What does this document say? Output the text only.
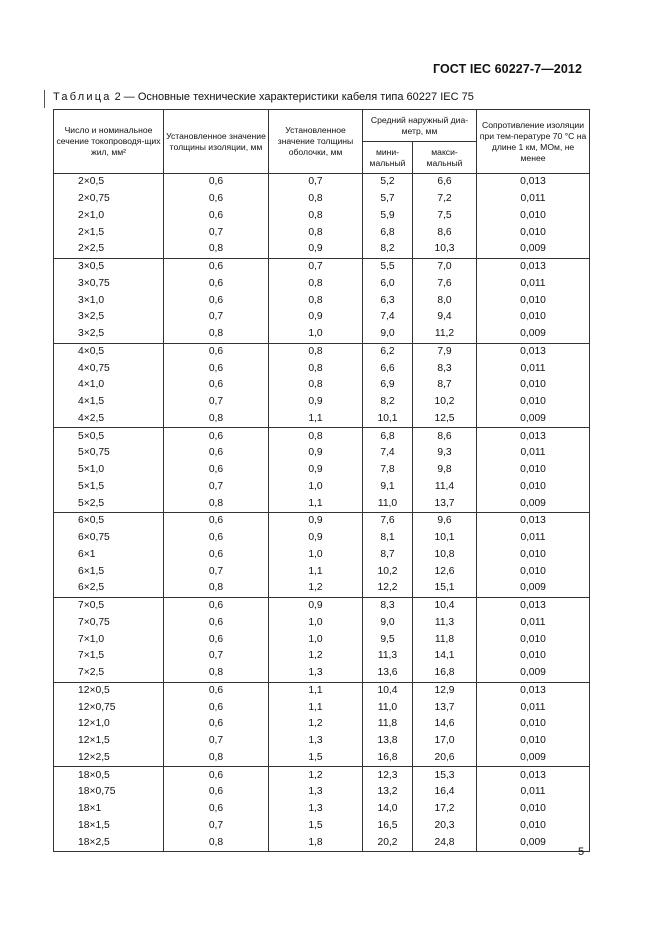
ГОСТ IEC 60227-7—2012
Таблица 2 — Основные технические характеристики кабеля типа 60227 IEC 75
Число и номинальное сечение токопроводя-щих жил, мм²	Установленное значение толщины изоляции, мм	Установленное значение толщины оболочки, мм	Средний наружный диа-метр, мм		Сопротивление изоляции при тем-пературе 70 °С на длине 1 км, МОм, не менее
			мини-мальный	макси-мальный	
2×0,5	0,6	0,7	5,2	6,6	0,013
2×0,75	0,6	0,8	5,7	7,2	0,011
2×1,0	0,6	0,8	5,9	7,5	0,010
2×1,5	0,7	0,8	6,8	8,6	0,010
2×2,5	0,8	0,9	8,2	10,3	0,009
3×0,5	0,6	0,7	5,5	7,0	0,013
3×0,75	0,6	0,8	6,0	7,6	0,011
3×1,0	0,6	0,8	6,3	8,0	0,010
3×2,5	0,7	0,9	7,4	9,4	0,010
3×2,5	0,8	1,0	9,0	11,2	0,009
4×0,5	0,6	0,8	6,2	7,9	0,013
4×0,75	0,6	0,8	6,6	8,3	0,011
4×1,0	0,6	0,8	6,9	8,7	0,010
4×1,5	0,7	0,9	8,2	10,2	0,010
4×2,5	0,8	1,1	10,1	12,5	0,009
5×0,5	0,6	0,8	6,8	8,6	0,013
5×0,75	0,6	0,9	7,4	9,3	0,011
5×1,0	0,6	0,9	7,8	9,8	0,010
5×1,5	0,7	1,0	9,1	11,4	0,010
5×2,5	0,8	1,1	11,0	13,7	0,009
6×0,5	0,6	0,9	7,6	9,6	0,013
6×0,75	0,6	0,9	8,1	10,1	0,011
6×1	0,6	1,0	8,7	10,8	0,010
6×1,5	0,7	1,1	10,2	12,6	0,010
6×2,5	0,8	1,2	12,2	15,1	0,009
7×0,5	0,6	0,9	8,3	10,4	0,013
7×0,75	0,6	1,0	9,0	11,3	0,011
7×1,0	0,6	1,0	9,5	11,8	0,010
7×1,5	0,7	1,2	11,3	14,1	0,010
7×2,5	0,8	1,3	13,6	16,8	0,009
12×0,5	0,6	1,1	10,4	12,9	0,013
12×0,75	0,6	1,1	11,0	13,7	0,011
12×1,0	0,6	1,2	11,8	14,6	0,010
12×1,5	0,7	1,3	13,8	17,0	0,010
12×2,5	0,8	1,5	16,8	20,6	0,009
18×0,5	0,6	1,2	12,3	15,3	0,013
18×0,75	0,6	1,3	13,2	16,4	0,011
18×1	0,6	1,3	14,0	17,2	0,010
18×1,5	0,7	1,5	16,5	20,3	0,010
18×2,5	0,8	1,8	20,2	24,8	0,009
5
